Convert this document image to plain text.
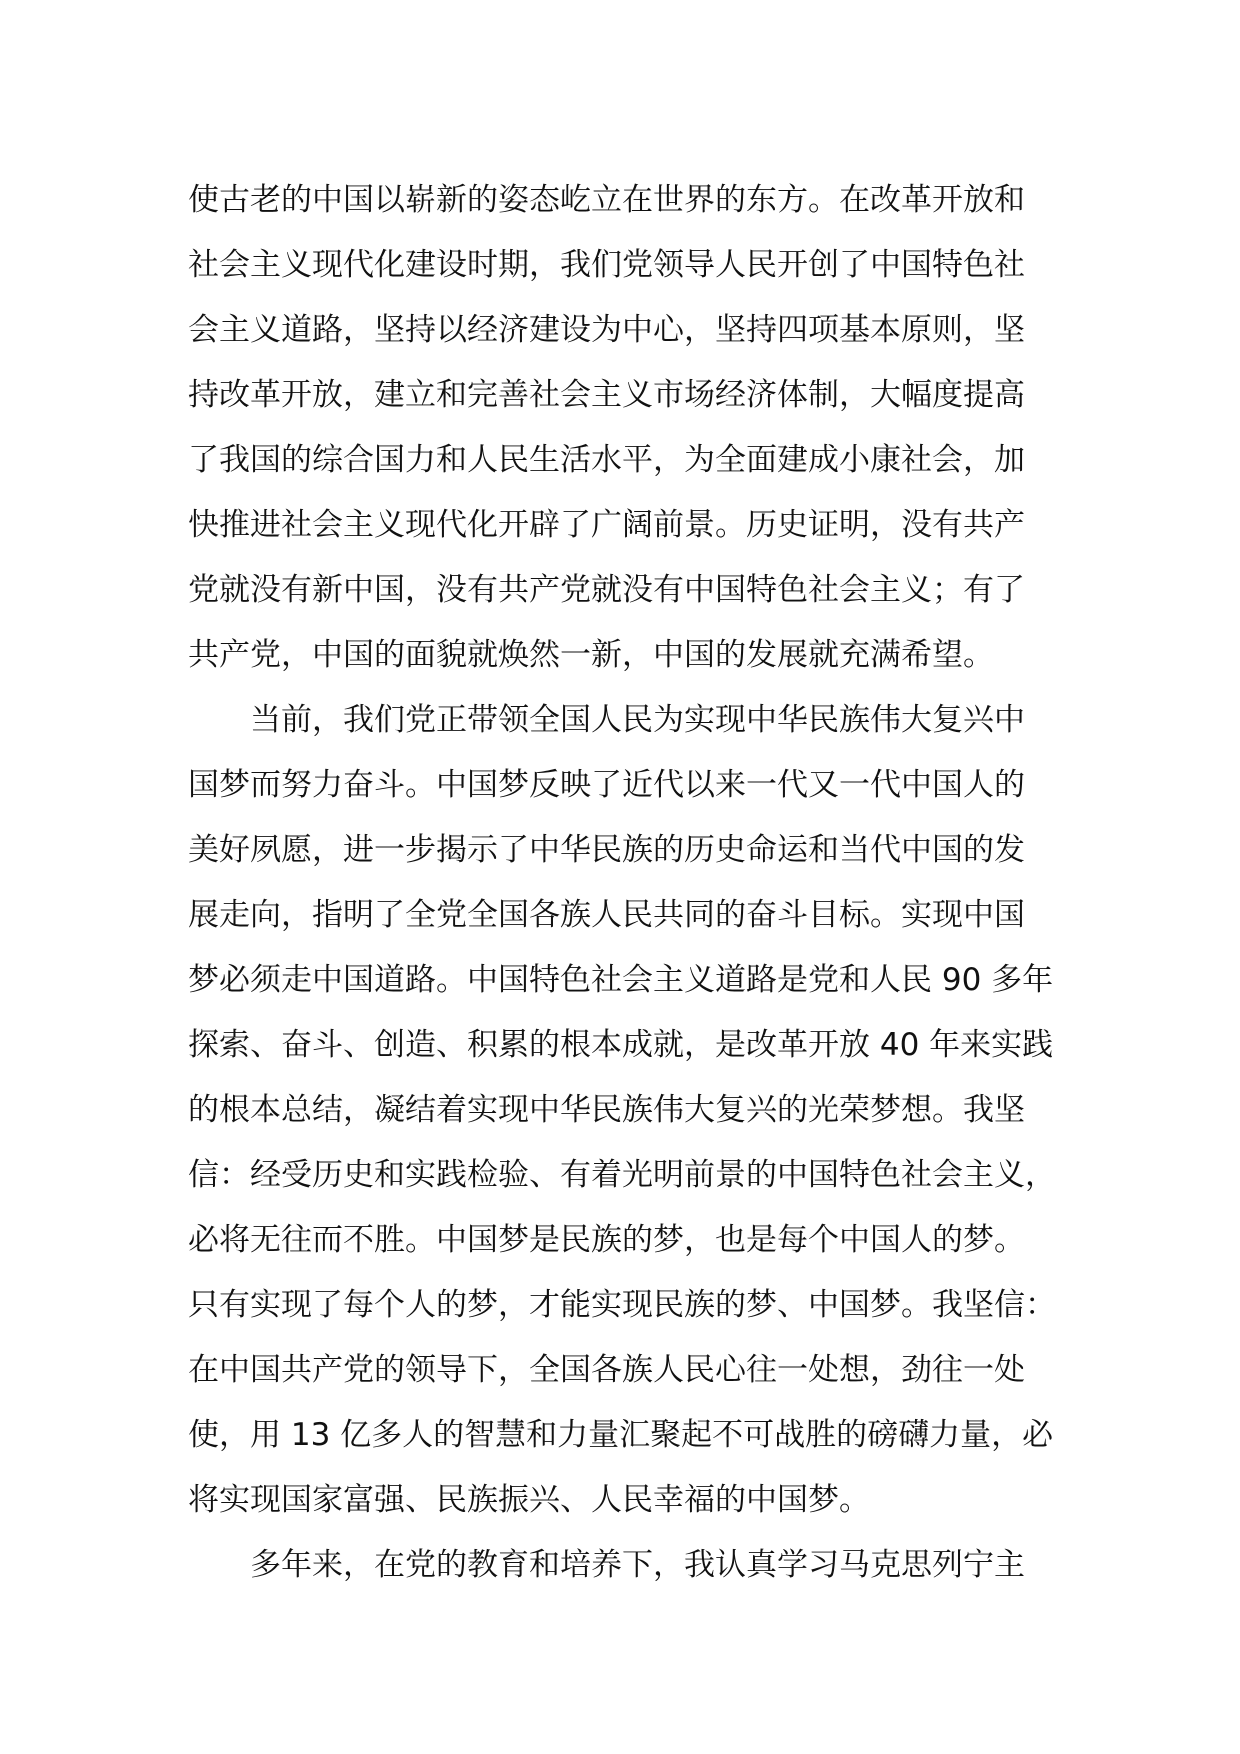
使古老的中国以崭新的姿态屹立在世界的东方。在改革开放和
社会主义现代化建设时期，我们党领导人民开创了中国特色社
会主义道路，坚持以经济建设为中心，坚持四项基本原则，坚
持改革开放，建立和完善社会主义市场经济体制，大幅度提高
了我国的综合国力和人民生活水平，为全面建成小康社会，加
快推进社会主义现代化开辟了广阔前景。历史证明，没有共产
党就没有新中国，没有共产党就没有中国特色社会主义；有了
共产党，中国的面貌就焕然一新，中国的发展就充满希望。
当前，我们党正带领全国人民为实现中华民族伟大复兴中
国梦而努力奋斗。中国梦反映了近代以来一代又一代中国人的
美好夙愿，进一步揭示了中华民族的历史命运和当代中国的发
展走向，指明了全党全国各族人民共同的奋斗目标。实现中国
梦必须走中国道路。中国特色社会主义道路是党和人民 90 多年
探索、奋斗、创造、积累的根本成就，是改革开放 40 年来实践
的根本总结，凝结着实现中华民族伟大复兴的光荣梦想。我坚
信：经受历史和实践检验、有着光明前景的中国特色社会主义，
必将无往而不胜。中国梦是民族的梦，也是每个中国人的梦。
只有实现了每个人的梦，才能实现民族的梦、中国梦。我坚信：
在中国共产党的领导下，全国各族人民心往一处想，劲往一处
使，用 13 亿多人的智慧和力量汇聚起不可战胜的磅礴力量，必
将实现国家富强、民族振兴、人民幸福的中国梦。
多年来，在党的教育和培养下，我认真学习马克思列宁主
